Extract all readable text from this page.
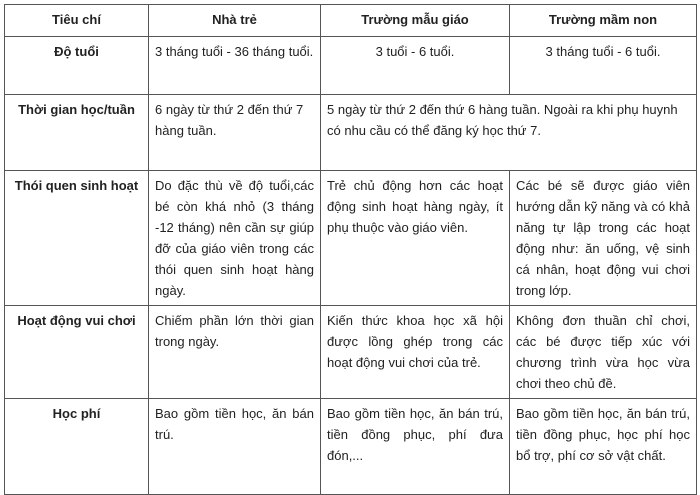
Tiêu chí	Nhà trẻ	Trường mẫu giáo	Trường mầm non
Độ tuổi	3 tháng tuổi - 36 tháng tuổi.	3 tuổi - 6 tuổi.	3 tháng tuổi - 6 tuổi.
Thời gian học/tuần	6 ngày từ thứ 2 đến thứ 7 hàng tuần.	5 ngày từ thứ 2 đến thứ 6 hàng tuần. Ngoài ra khi phụ huynh có nhu cầu có thể đăng ký học thứ 7.	
Thói quen sinh hoạt	Do đặc thù về độ tuổi,các bé còn khá nhỏ (3 tháng -12 tháng) nên cần sự giúp đỡ của giáo viên trong các thói quen sinh hoạt hàng ngày.	Trẻ chủ động hơn các hoạt động sinh hoạt hàng ngày, ít phụ thuộc vào giáo viên.	Các bé sẽ được giáo viên hướng dẫn kỹ năng và có khả năng tự lập trong các hoạt động như: ăn uống, vệ sinh cá nhân, hoạt động vui chơi trong lớp.
Hoạt động vui chơi	Chiếm phần lớn thời gian trong ngày.	Kiến thức khoa học xã hội được lồng ghép trong các hoạt động vui chơi của trẻ.	Không đơn thuần chỉ chơi, các bé được tiếp xúc với chương trình vừa học vừa chơi theo chủ đề.
Học phí	Bao gồm tiền học, ăn bán trú.	Bao gồm tiền học, ăn bán trú, tiền đồng phục, phí đưa đón,...	Bao gồm tiền học, ăn bán trú, tiền đồng phục, học phí học bổ trợ, phí cơ sở vật chất.
